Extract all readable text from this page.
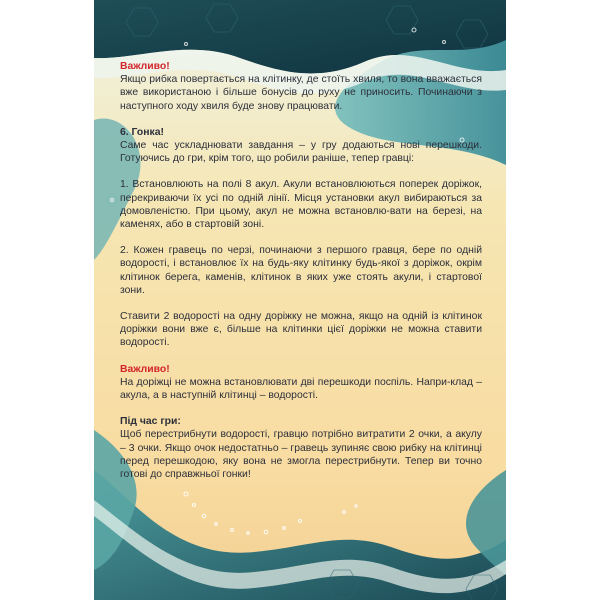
Важливо!

Якщо рибка повертається на клітинку, де стоїть хвиля, то вона вважається вже використаною і більше бонусів до руху не приносить. Починаючи з наступного ходу хвиля буде знову працювати.

6. Гонка!

Саме час ускладнювати завдання – у гру додаються нові перешкоди. Готуючись до гри, крім того, що робили раніше, тепер гравці:

1. Встановлюють на полі 8 акул. Акули встановлюються поперек доріжок, перекриваючи їх усі по одній лінії. Місця установки акул вибираються за домовленістю. При цьому, акул не можна встановлю-вати на березі, на каменях, або в стартовій зоні.

2. Кожен гравець по черзі, починаючи з першого гравця, бере по одній водорості, і встановлює їх на будь-яку клітинку будь-якої з доріжок, окрім клітинок берега, каменів, клітинок в яких уже стоять акули, і стартової зони.

Ставити 2 водорості на одну доріжку не можна, якщо на одній із клітинок доріжки вони вже є, більше на клітинки цієї доріжки не можна ставити водорості.

Важливо!

На доріжці не можна встановлювати дві перешкоди поспіль. Напри-клад – акула, а в наступній клітинці – водорості.

Під час гри:

Щоб перестрибнути водорості, гравцю потрібно витратити 2 очки, а акулу – 3 очки. Якщо очок недостатньо – гравець зупиняє свою рибку на клітинці перед перешкодою, яку вона не змогла перестрибнути. Тепер ви точно готові до справжньої гонки!
